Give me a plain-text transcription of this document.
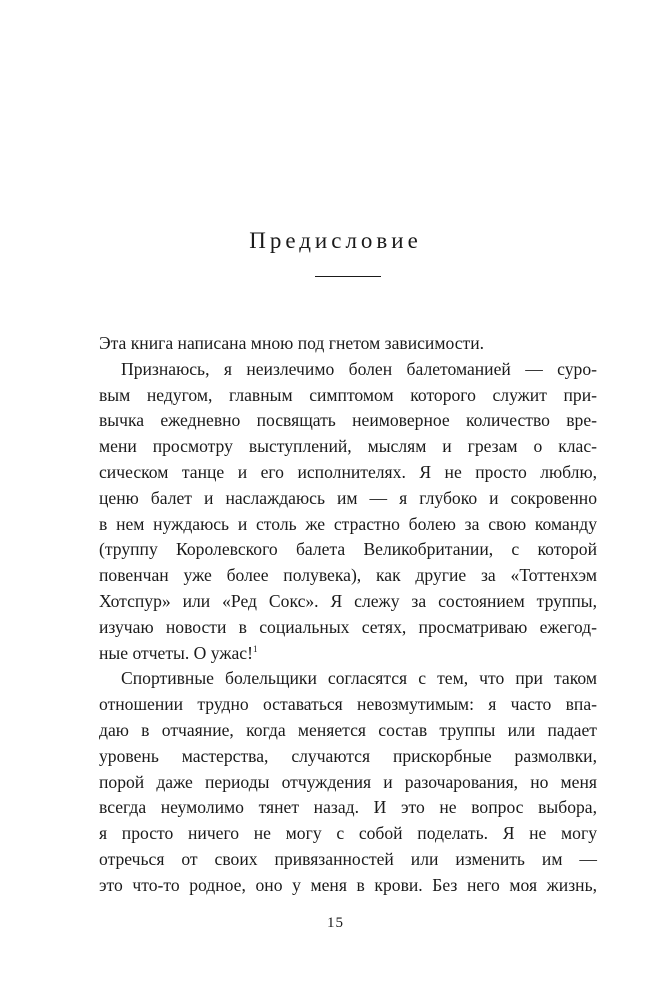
Предисловие
Эта книга написана мною под гнетом зависимости.
Признаюсь, я неизлечимо болен балетоманией — суро-
вым недугом, главным симптомом которого служит при-
вычка ежедневно посвящать неимоверное количество вре-
мени просмотру выступлений, мыслям и грезам о клас-
сическом танце и его исполнителях. Я не просто люблю,
ценю балет и наслаждаюсь им — я глубоко и сокровенно
в нем нуждаюсь и столь же страстно болею за свою команду
(труппу Королевского балета Великобритании, с которой
повенчан уже более полувека), как другие за «Тоттенхэм
Хотспур» или «Ред Сокс». Я слежу за состоянием труппы,
изучаю новости в социальных сетях, просматриваю ежегод-
ные отчеты. О ужас!$^1$
Спортивные болельщики согласятся с тем, что при таком
отношении трудно оставаться невозмутимым: я часто впа-
даю в отчаяние, когда меняется состав труппы или падает
уровень мастерства, случаются прискорбные размолвки,
порой даже периоды отчуждения и разочарования, но меня
всегда неумолимо тянет назад. И это не вопрос выбора,
я просто ничего не могу с собой поделать. Я не могу
отречься от своих привязанностей или изменить им —
это что-то родное, оно у меня в крови. Без него моя жизнь,
15
